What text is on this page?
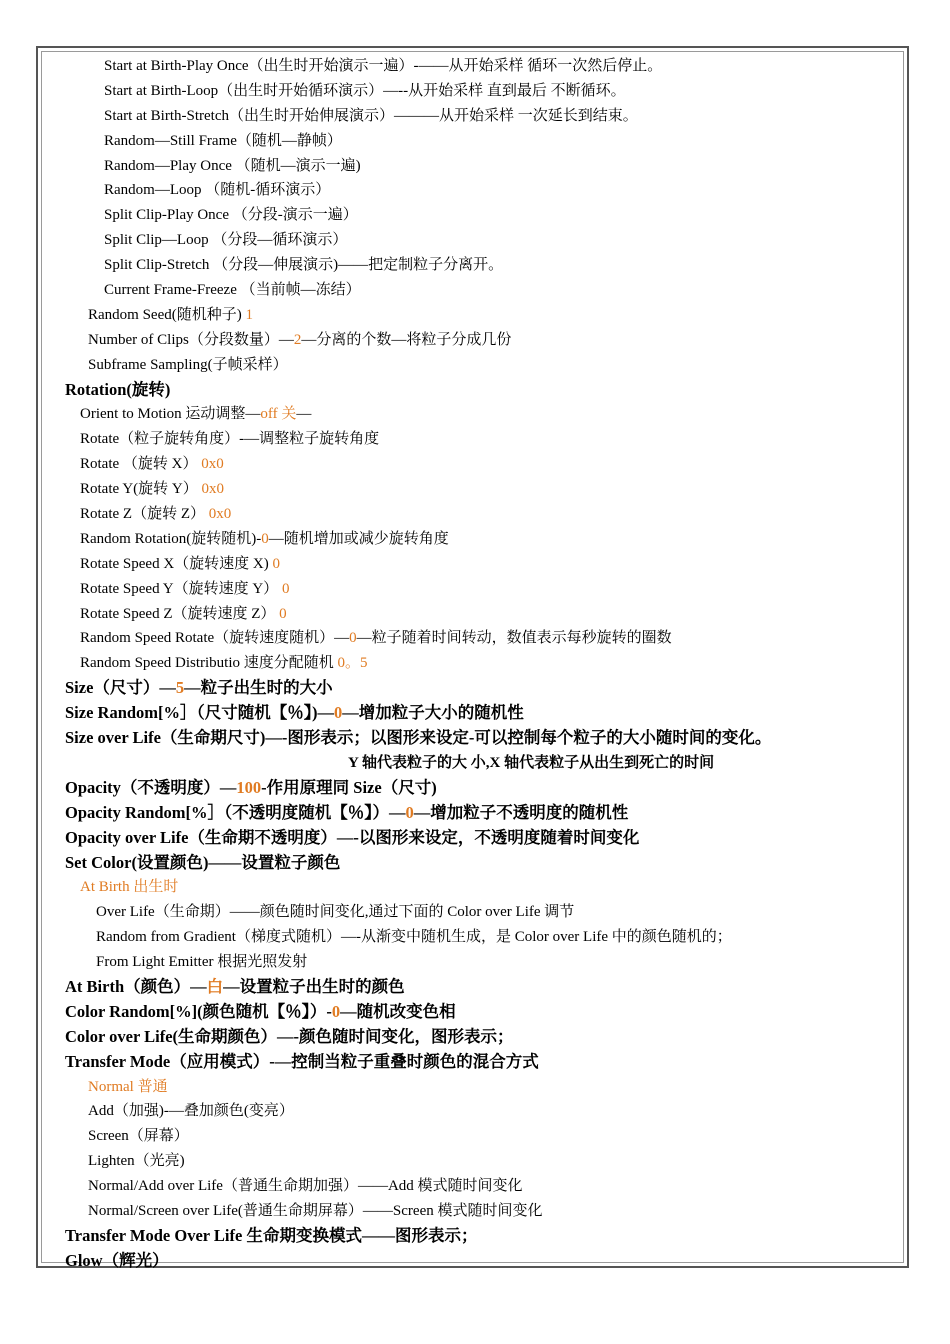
Start at Birth-Play Once（出生时开始演示一遍）-——从开始采样 循环一次然后停止。
Start at Birth-Loop（出生时开始循环演示）—--从开始采样 直到最后 不断循环。
Start at Birth-Stretch（出生时开始伸展演示）———从开始采样 一次延长到结束。
Random—Still Frame（随机—静帧）
Random—Play Once （随机—演示一遍)
Random—Loop （随机-循环演示）
Split Clip-Play Once （分段-演示一遍）
Split Clip—Loop （分段—循环演示）
Split Clip-Stretch （分段—伸展演示)——把定制粒子分离开。
Current Frame-Freeze （当前帧—冻结）
Random Seed(随机种子) 1
Number of Clips（分段数量）—2—分离的个数—将粒子分成几份
Subframe Sampling(子帧采样）
Rotation(旋转)
Orient to Motion 运动调整—off 关—
Rotate（粒子旋转角度）-—调整粒子旋转角度
Rotate （旋转 X） 0x0
Rotate Y(旋转 Y） 0x0
Rotate Z（旋转 Z） 0x0
Random Rotation(旋转随机)-0—随机增加或减少旋转角度
Rotate Speed X（旋转速度 X) 0
Rotate Speed Y（旋转速度 Y） 0
Rotate Speed Z（旋转速度 Z） 0
Random Speed Rotate（旋转速度随机）—0—粒子随着时间转动，数值表示每秒旋转的圈数
Random Speed Distributio 速度分配随机 0。5
Size（尺寸）—5—粒子出生时的大小
Size Random[%］（尺寸随机【％】)—0—增加粒子大小的随机性
Size over Life（生命期尺寸)—-图形表示；以图形来设定-可以控制每个粒子的大小随时间的变化。
Y 轴代表粒子的大 小,X 轴代表粒子从出生到死亡的时间
Opacity（不透明度）—100-作用原理同 Size（尺寸)
Opacity Random[%］（不透明度随机【％】）—0—增加粒子不透明度的随机性
Opacity over Life（生命期不透明度）—-以图形来设定，不透明度随着时间变化
Set Color(设置颜色)——设置粒子颜色
At Birth 出生时
Over Life（生命期）——颜色随时间变化,通过下面的 Color over Life 调节
Random from Gradient（梯度式随机）—-从渐变中随机生成，是 Color over Life 中的颜色随机的；
From Light Emitter 根据光照发射
At Birth（颜色）—白—设置粒子出生时的颜色
Color Random[%](颜色随机【％】）-0—随机改变色相
Color over Life(生命期颜色）—-颜色随时间变化，图形表示；
Transfer Mode（应用模式）-—控制当粒子重叠时颜色的混合方式
Normal 普通
Add（加强)-—叠加颜色(变亮）
Screen（屏幕）
Lighten（光亮)
Normal/Add over Life（普通生命期加强）——Add 模式随时间变化
Normal/Screen over Life(普通生命期屏幕）——Screen 模式随时间变化
Transfer Mode Over Life 生命期变换模式——图形表示；
Glow（辉光）
